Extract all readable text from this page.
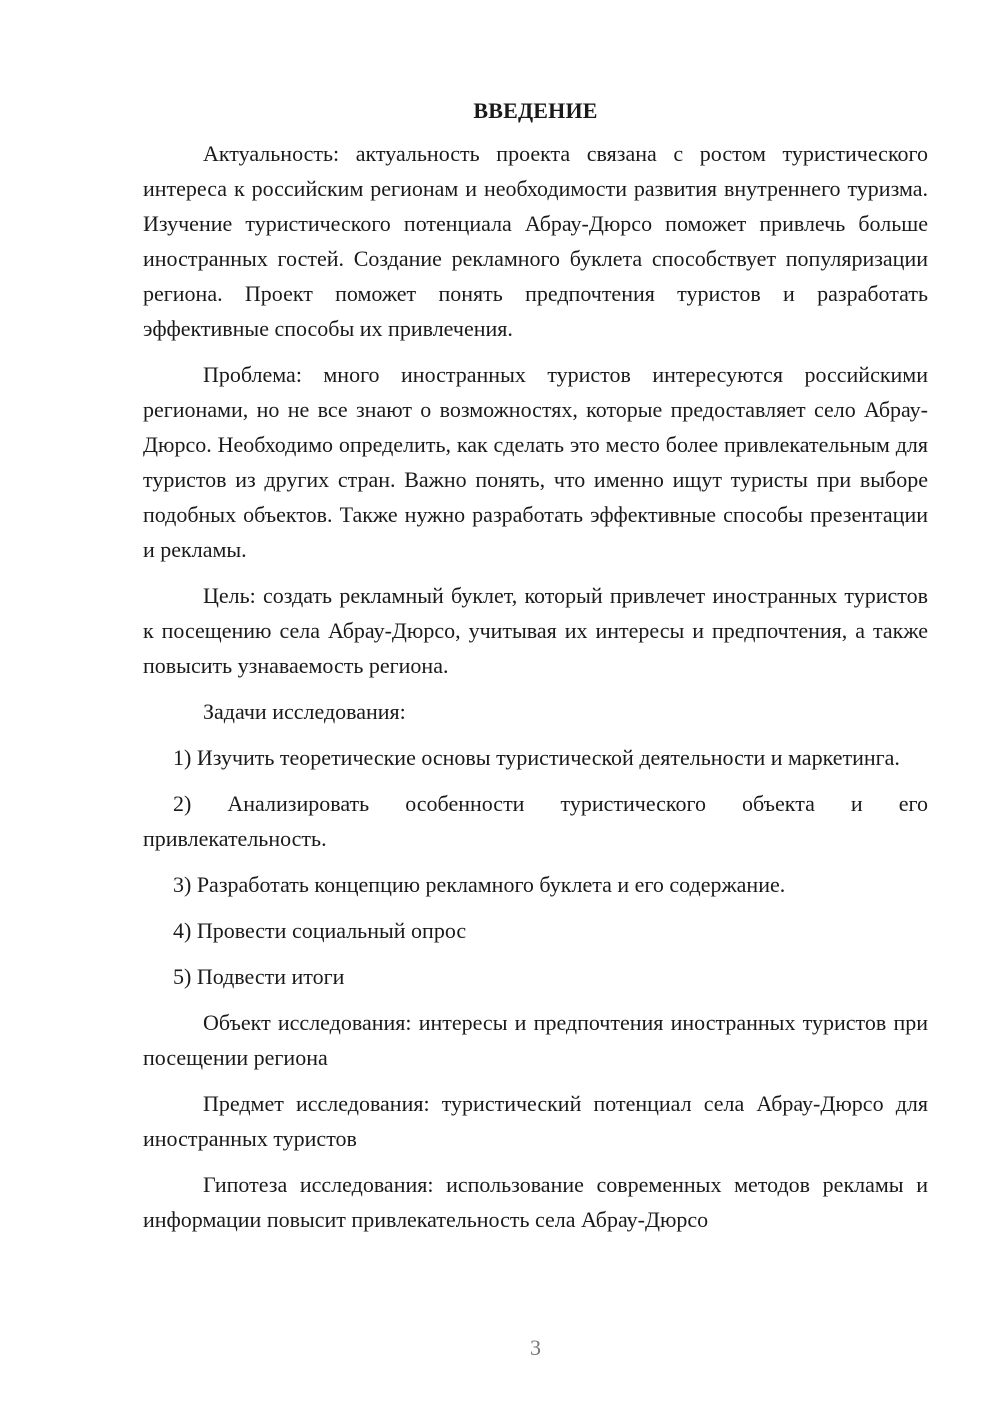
ВВЕДЕНИЕ

Актуальность: актуальность проекта связана с ростом туристического интереса к российским регионам и необходимости развития внутреннего туризма. Изучение туристического потенциала Абрау-Дюрсо поможет привлечь больше иностранных гостей. Создание рекламного буклета способствует популяризации региона. Проект поможет понять предпочтения туристов и разработать эффективные способы их привлечения.

Проблема: много иностранных туристов интересуются российскими регионами, но не все знают о возможностях, которые предоставляет село Абрау-Дюрсо. Необходимо определить, как сделать это место более привлекательным для туристов из других стран. Важно понять, что именно ищут туристы при выборе подобных объектов. Также нужно разработать эффективные способы презентации и рекламы.

Цель: создать рекламный буклет, который привлечет иностранных туристов к посещению села Абрау-Дюрсо, учитывая их интересы и предпочтения, а также повысить узнаваемость региона.

Задачи исследования:

1) Изучить теоретические основы туристической деятельности и маркетинга.

2) Анализировать особенности туристического объекта и его привлекательность.

3) Разработать концепцию рекламного буклета и его содержание.

4) Провести социальный опрос

5) Подвести итоги

Объект исследования: интересы и предпочтения иностранных туристов при посещении региона

Предмет исследования: туристический потенциал села Абрау-Дюрсо для иностранных туристов

Гипотеза исследования: использование современных методов рекламы и информации повысит привлекательность села Абрау-Дюрсо

3
